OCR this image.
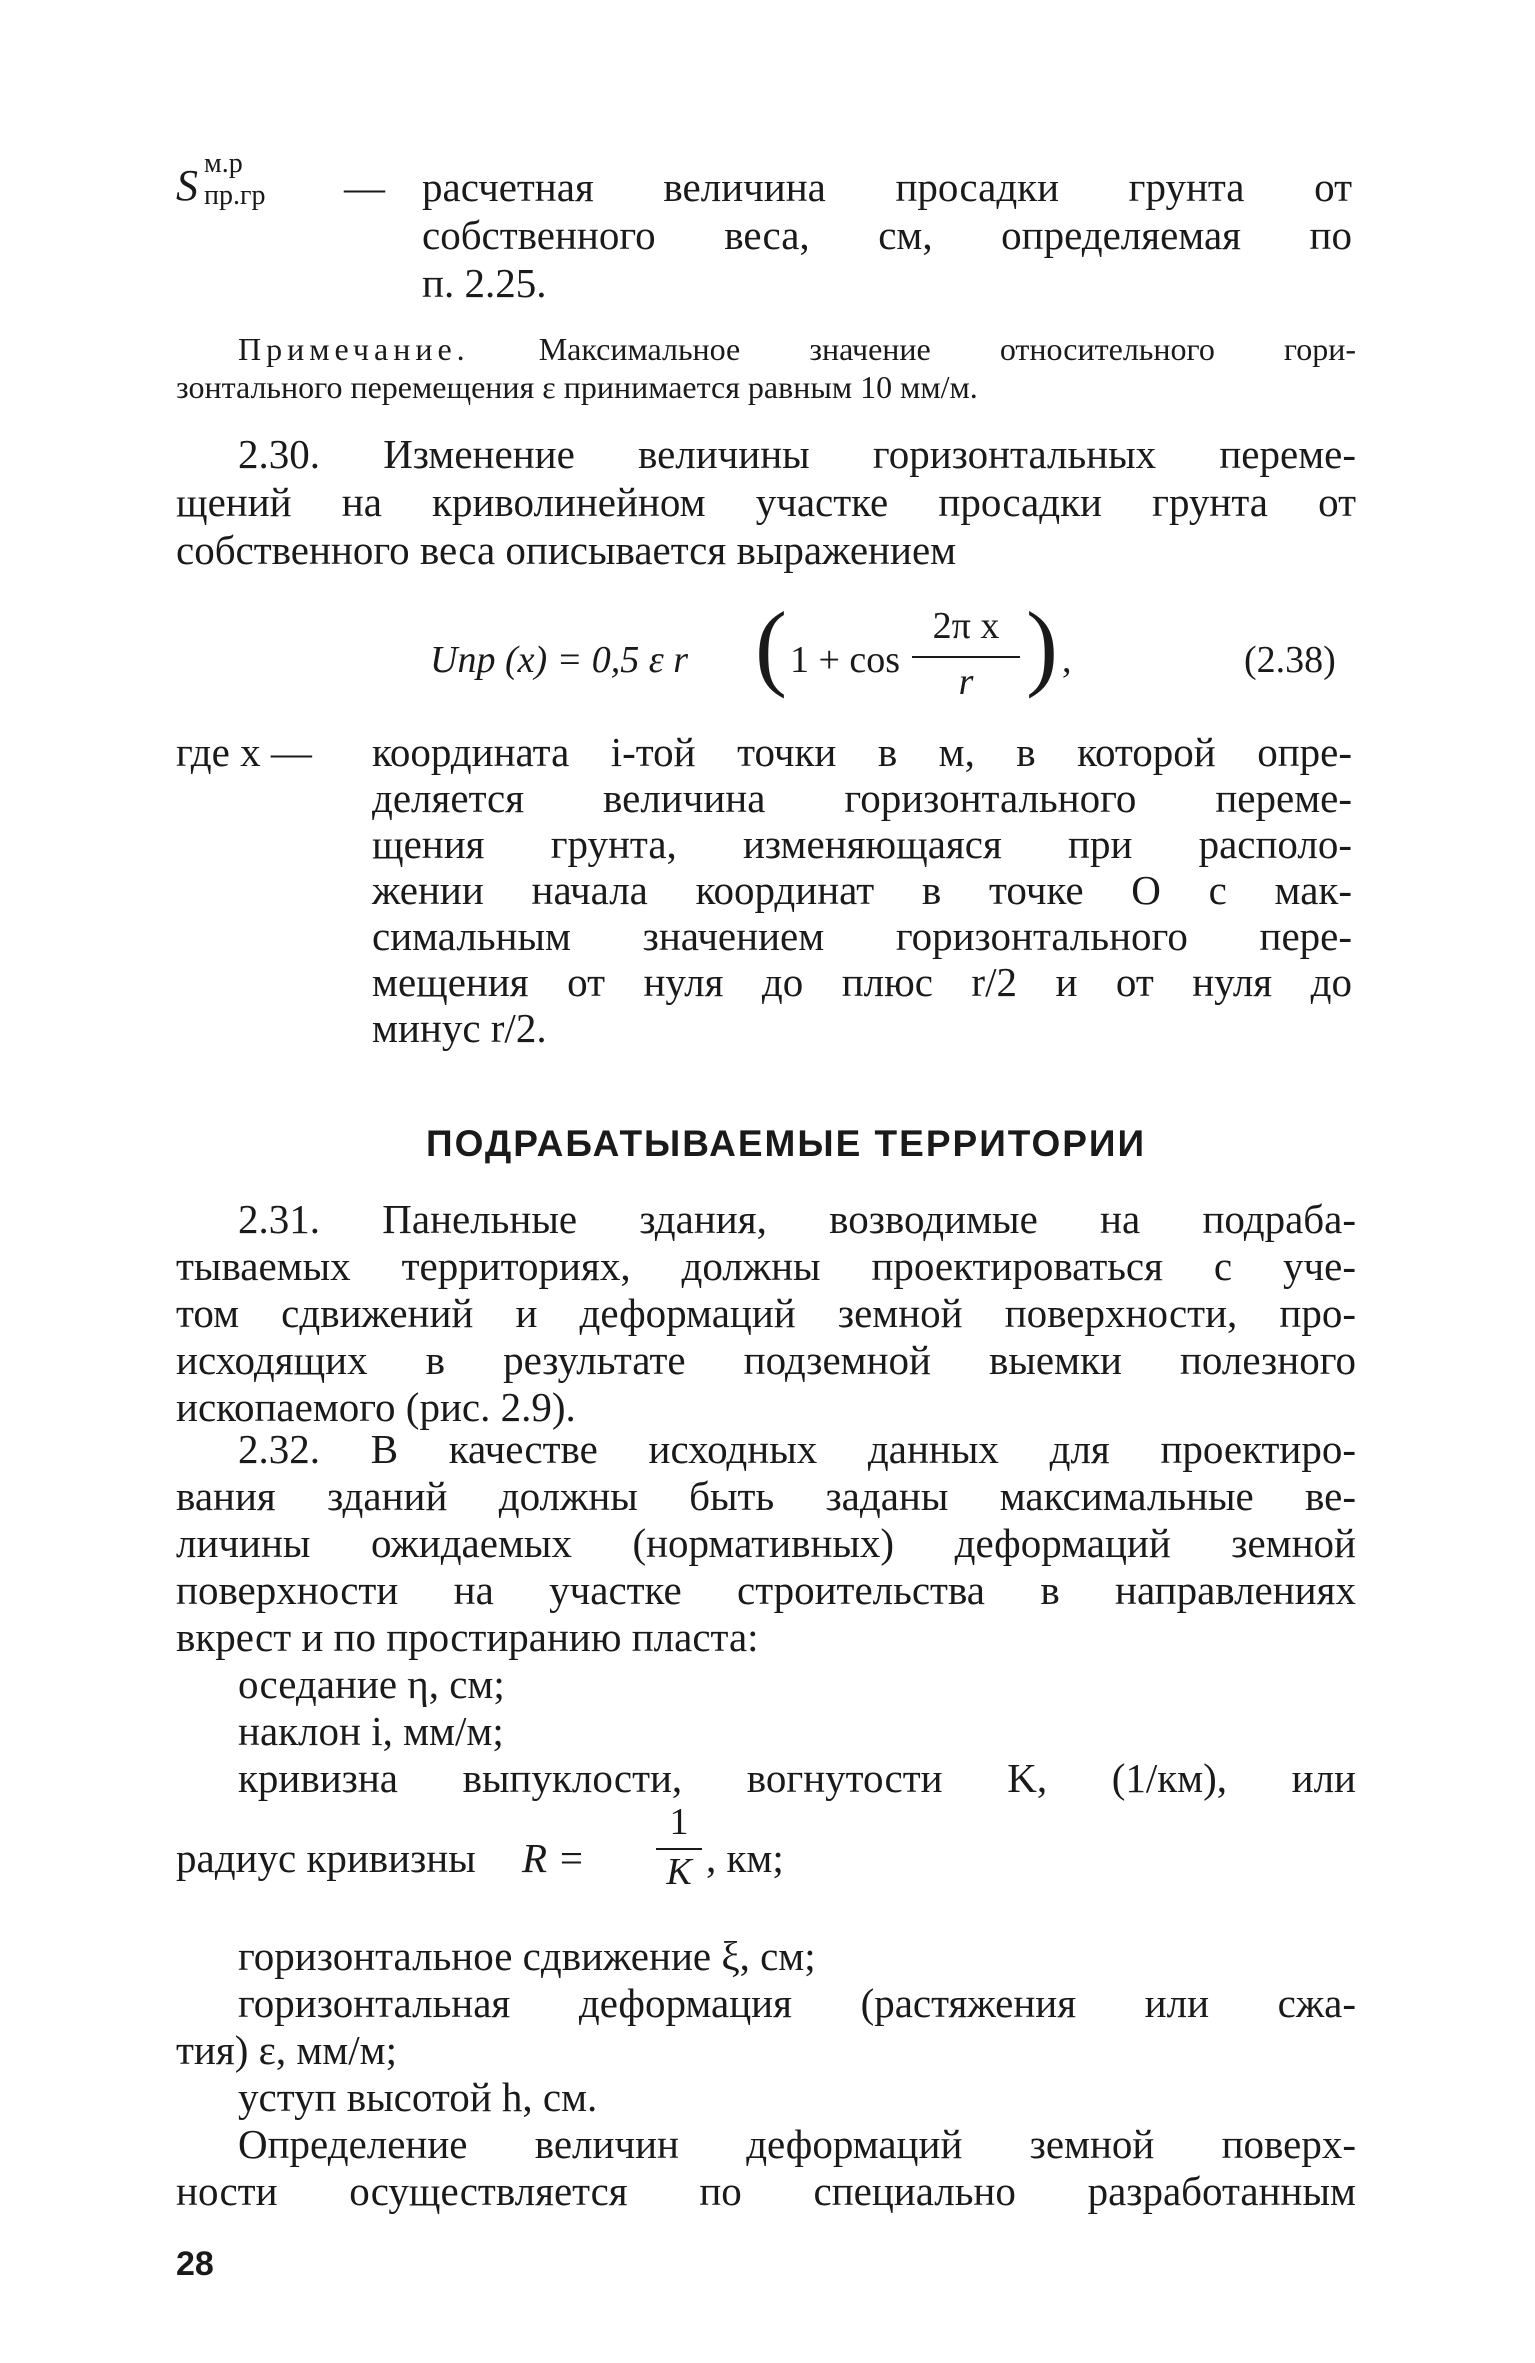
S м.р
пр.гр — расчетная величина просадки грунта от
собственного веса, см, определяемая по
п. 2.25.
Примечание. Максимальное значение относительного гори-
зонтального перемещения ε принимается равным 10 мм/м.
2.30. Изменение величины горизонтальных переме-
щений на криволинейном участке просадки грунта от
собственного веса описывается выражением
Uпр (x) = 0,5 ε r ( 1 + cos
2π x
r ) ,	(2.38)
где x — координата i-той точки в м, в которой опре-
деляется величина горизонтального переме-
щения грунта, изменяющаяся при располо-
жении начала координат в точке O с мак-
симальным значением горизонтального пере-
мещения от нуля до плюс r/2 и от нуля до
минус r/2.
ПОДРАБАТЫВАЕМЫЕ ТЕРРИТОРИИ
2.31. Панельные здания, возводимые на подраба-
тываемых территориях, должны проектироваться с уче-
том сдвижений и деформаций земной поверхности, про-
исходящих в результате подземной выемки полезного
ископаемого (рис. 2.9).
2.32. В качестве исходных данных для проектиро-
вания зданий должны быть заданы максимальные ве-
личины ожидаемых (нормативных) деформаций земной
поверхности на участке строительства в направлениях
вкрест и по простиранию пласта:
оседание η, см;
наклон i, мм/м;
кривизна выпуклости, вогнутости K, (1/км), или
радиус кривизны R =
1
K , км;
горизонтальное сдвижение ξ, см;
горизонтальная деформация (растяжения или сжа-
тия) ε, мм/м;
уступ высотой h, см.
Определение величин деформаций земной поверх-
ности осуществляется по специально разработанным
28
